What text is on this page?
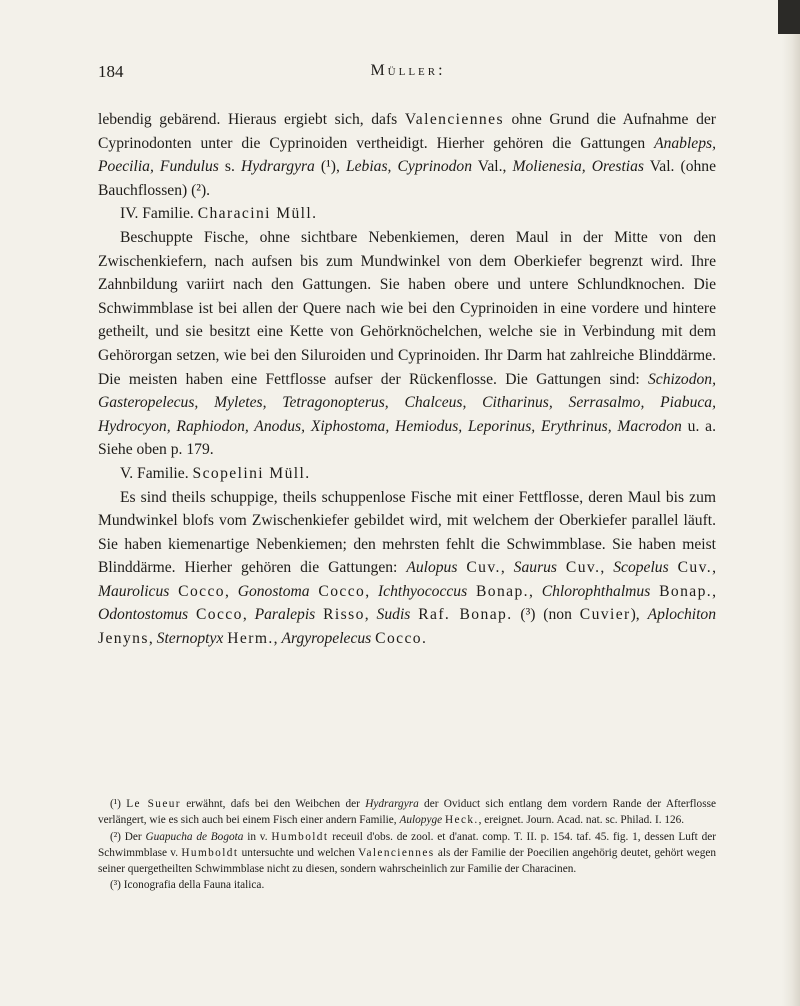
184	Müller:

lebendig gebärend. Hieraus ergiebt sich, dafs Valenciennes ohne Grund die Aufnahme der Cyprinodonten unter die Cyprinoiden vertheidigt. Hierher gehören die Gattungen Anableps, Poecilia, Fundulus s. Hydrargyra (¹), Lebias, Cyprinodon Val., Molienesia, Orestias Val. (ohne Bauchflossen) (²).

IV. Familie. Characini Müll.

Beschuppte Fische, ohne sichtbare Nebenkiemen, deren Maul in der Mitte von den Zwischenkiefern, nach aufsen bis zum Mundwinkel von dem Oberkiefer begrenzt wird. Ihre Zahnbildung variirt nach den Gattungen. Sie haben obere und untere Schlundknochen. Die Schwimmblase ist bei allen der Quere nach wie bei den Cyprinoiden in eine vordere und hintere getheilt, und sie besitzt eine Kette von Gehörknöchelchen, welche sie in Verbindung mit dem Gehörorgan setzen, wie bei den Siluroiden und Cyprinoiden. Ihr Darm hat zahlreiche Blinddärme. Die meisten haben eine Fettflosse aufser der Rückenflosse. Die Gattungen sind: Schizodon, Gasteropelecus, Myletes, Tetragonopterus, Chalceus, Citharinus, Serrasalmo, Piabuca, Hydrocyon, Raphiodon, Anodus, Xiphostoma, Hemiodus, Leporinus, Erythrinus, Macrodon u. a. Siehe oben p. 179.

V. Familie. Scopelini Müll.

Es sind theils schuppige, theils schuppenlose Fische mit einer Fettflosse, deren Maul bis zum Mundwinkel blofs vom Zwischenkiefer gebildet wird, mit welchem der Oberkiefer parallel läuft. Sie haben kiemenartige Nebenkiemen; den mehrsten fehlt die Schwimmblase. Sie haben meist Blinddärme. Hierher gehören die Gattungen: Aulopus Cuv., Saurus Cuv., Scopelus Cuv., Maurolicus Cocco, Gonostoma Cocco, Ichthyococcus Bonap., Chlorophthalmus Bonap., Odontostomus Cocco, Paralepis Risso, Sudis Raf. Bonap. (³) (non Cuvier), Aplochiton Jenyns, Sternoptyx Herm., Argyropelecus Cocco.

(¹) Le Sueur erwähnt, dafs bei den Weibchen der Hydrargyra der Oviduct sich entlang dem vordern Rande der Afterflosse verlängert, wie es sich auch bei einem Fisch einer andern Familie, Aulopyge Heck., ereignet. Journ. Acad. nat. sc. Philad. I. 126.

(²) Der Guapucha de Bogota in v. Humboldt receuil d'obs. de zool. et d'anat. comp. T. II. p. 154. taf. 45. fig. 1, dessen Luft der Schwimmblase v. Humboldt untersuchte und welchen Valenciennes als der Familie der Poecilien angehörig deutet, gehört wegen seiner quergetheilten Schwimmblase nicht zu diesen, sondern wahrscheinlich zur Familie der Characinen.

(³) Iconografia della Fauna italica.
